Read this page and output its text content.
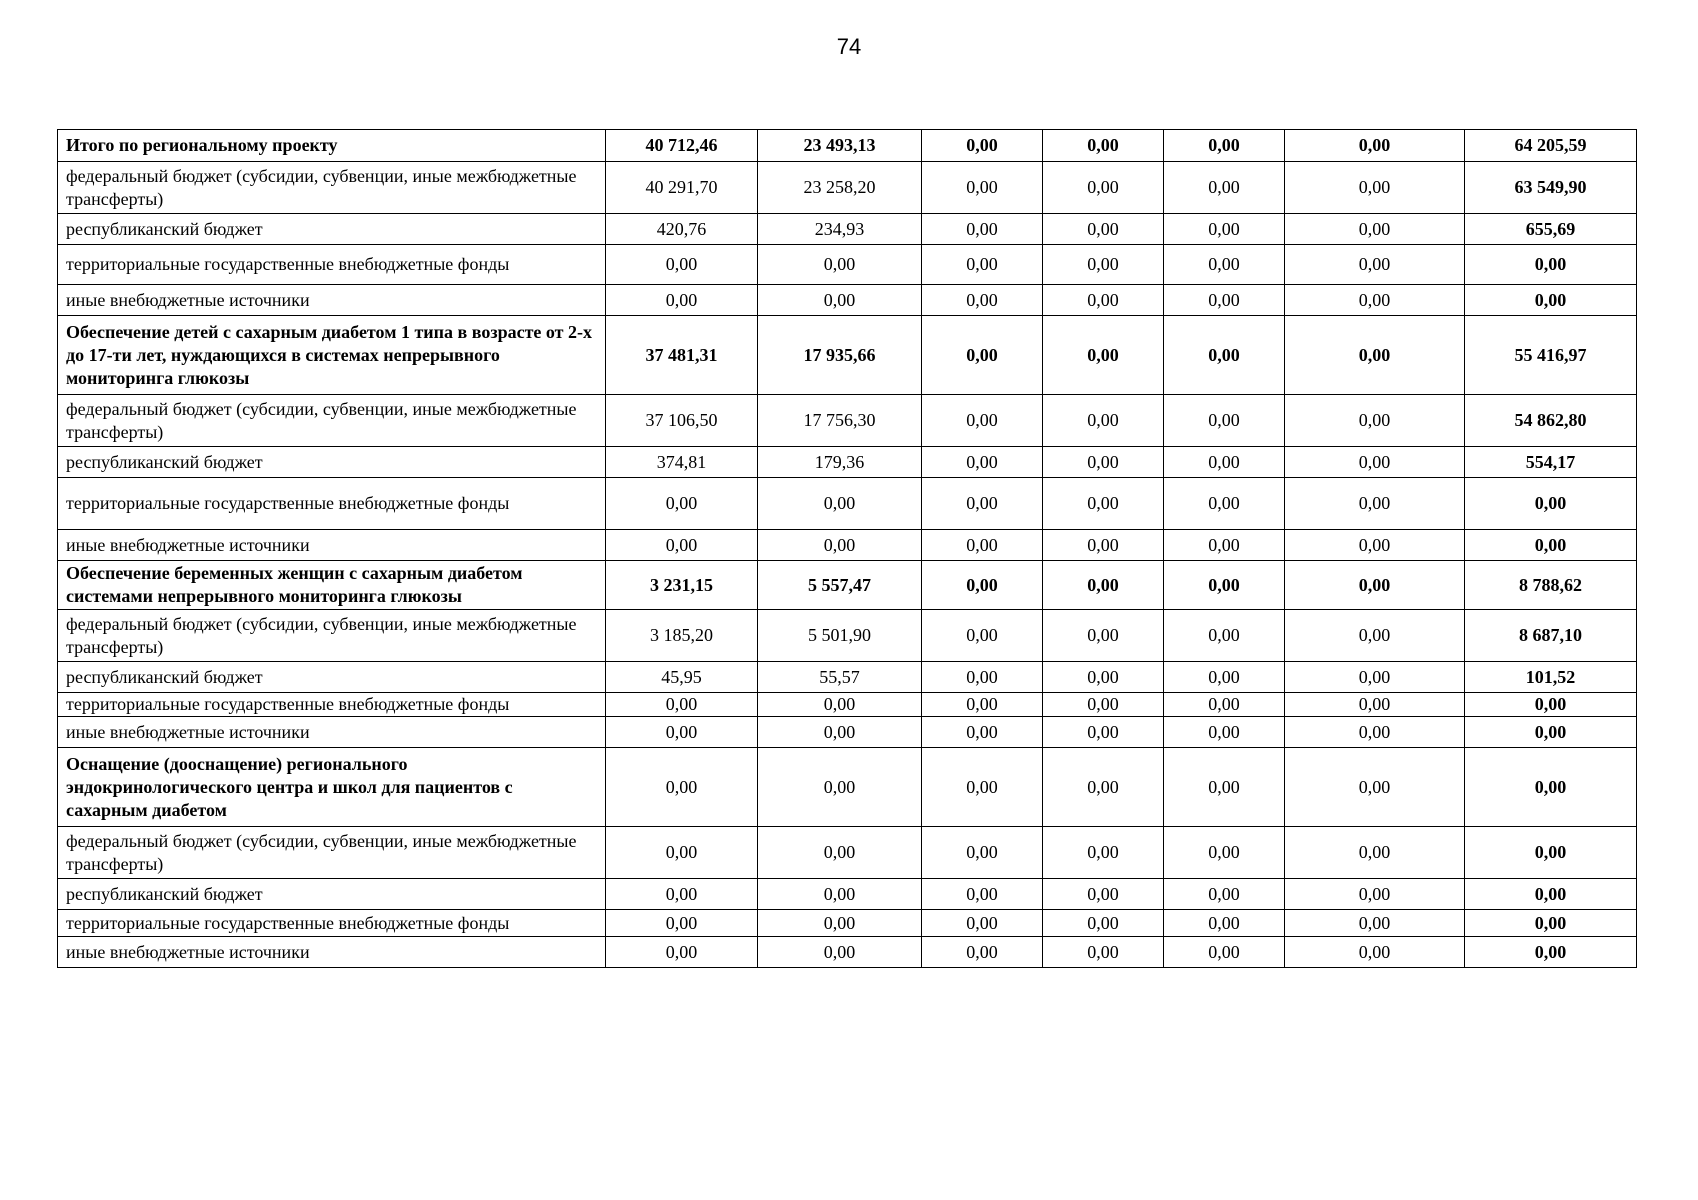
74
Итого по региональному проекту	40 712,46	23 493,13	0,00	0,00	0,00	0,00	64 205,59
федеральный бюджет (субсидии, субвенции, иные межбюджетные трансферты)	40 291,70	23 258,20	0,00	0,00	0,00	0,00	63 549,90
республиканский бюджет	420,76	234,93	0,00	0,00	0,00	0,00	655,69
территориальные государственные внебюджетные фонды	0,00	0,00	0,00	0,00	0,00	0,00	0,00
иные внебюджетные источники	0,00	0,00	0,00	0,00	0,00	0,00	0,00
Обеспечение детей с сахарным диабетом 1 типа в возрасте от 2-х до 17-ти лет, нуждающихся в системах непрерывного мониторинга глюкозы	37 481,31	17 935,66	0,00	0,00	0,00	0,00	55 416,97
федеральный бюджет (субсидии, субвенции, иные межбюджетные трансферты)	37 106,50	17 756,30	0,00	0,00	0,00	0,00	54 862,80
республиканский бюджет	374,81	179,36	0,00	0,00	0,00	0,00	554,17
территориальные государственные внебюджетные фонды	0,00	0,00	0,00	0,00	0,00	0,00	0,00
иные внебюджетные источники	0,00	0,00	0,00	0,00	0,00	0,00	0,00
Обеспечение беременных женщин с сахарным диабетом системами непрерывного мониторинга глюкозы	3 231,15	5 557,47	0,00	0,00	0,00	0,00	8 788,62
федеральный бюджет (субсидии, субвенции, иные межбюджетные трансферты)	3 185,20	5 501,90	0,00	0,00	0,00	0,00	8 687,10
республиканский бюджет	45,95	55,57	0,00	0,00	0,00	0,00	101,52
территориальные государственные внебюджетные фонды	0,00	0,00	0,00	0,00	0,00	0,00	0,00
иные внебюджетные источники	0,00	0,00	0,00	0,00	0,00	0,00	0,00
Оснащение (дооснащение) регионального эндокринологического центра и школ для пациентов с сахарным диабетом	0,00	0,00	0,00	0,00	0,00	0,00	0,00
федеральный бюджет (субсидии, субвенции, иные межбюджетные трансферты)	0,00	0,00	0,00	0,00	0,00	0,00	0,00
республиканский бюджет	0,00	0,00	0,00	0,00	0,00	0,00	0,00
территориальные государственные внебюджетные фонды	0,00	0,00	0,00	0,00	0,00	0,00	0,00
иные внебюджетные источники	0,00	0,00	0,00	0,00	0,00	0,00	0,00
